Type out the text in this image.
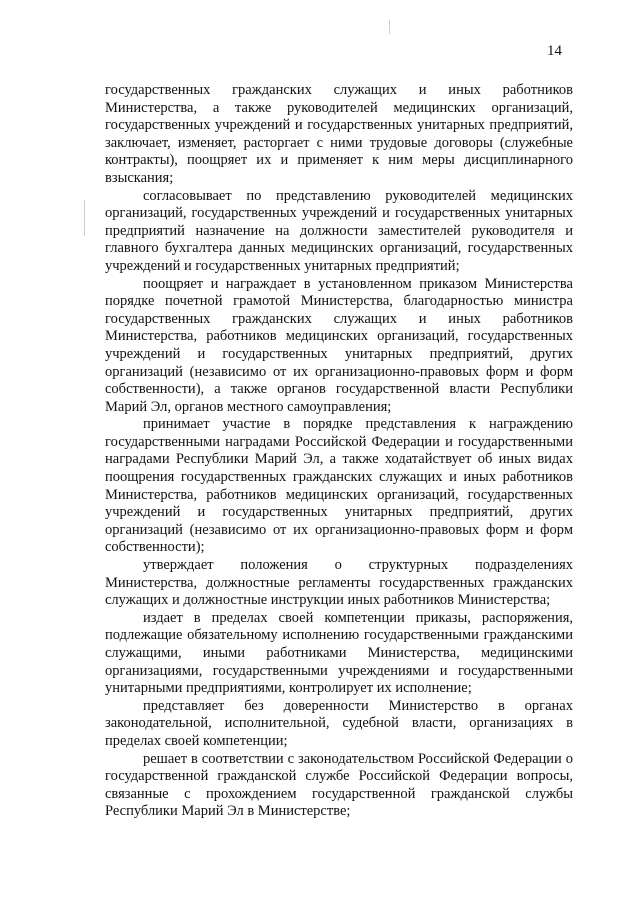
14

государственных гражданских служащих и иных работников Министерства, а также руководителей медицинских организаций, государственных учреждений и государственных унитарных предприятий, заключает, изменяет, расторгает с ними трудовые договоры (служебные контракты), поощряет их и применяет к ним меры дисциплинарного взыскания;

согласовывает по представлению руководителей медицинских организаций, государственных учреждений и государственных унитарных предприятий назначение на должности заместителей руководителя и главного бухгалтера данных медицинских организаций, государственных учреждений и государственных унитарных предприятий;

поощряет и награждает в установленном приказом Министерства порядке почетной грамотой Министерства, благодарностью министра государственных гражданских служащих и иных работников Министерства, работников медицинских организаций, государственных учреждений и государственных унитарных предприятий, других организаций (независимо от их организационно-правовых форм и форм собственности), а также органов государственной власти Республики Марий Эл, органов местного самоуправления;

принимает участие в порядке представления к награждению государственными наградами Российской Федерации и государственными наградами Республики Марий Эл, а также ходатайствует об иных видах поощрения государственных гражданских служащих и иных работников Министерства, работников медицинских организаций, государственных учреждений и государственных унитарных предприятий, других организаций (независимо от их организационно-правовых форм и форм собственности);

утверждает положения о структурных подразделениях Министерства, должностные регламенты государственных гражданских служащих и должностные инструкции иных работников Министерства;

издает в пределах своей компетенции приказы, распоряжения, подлежащие обязательному исполнению государственными гражданскими служащими, иными работниками Министерства, медицинскими организациями, государственными учреждениями и государственными унитарными предприятиями, контролирует их исполнение;

представляет без доверенности Министерство в органах законодательной, исполнительной, судебной власти, организациях в пределах своей компетенции;

решает в соответствии с законодательством Российской Федерации о государственной гражданской службе Российской Федерации вопросы, связанные с прохождением государственной гражданской службы Республики Марий Эл в Министерстве;
